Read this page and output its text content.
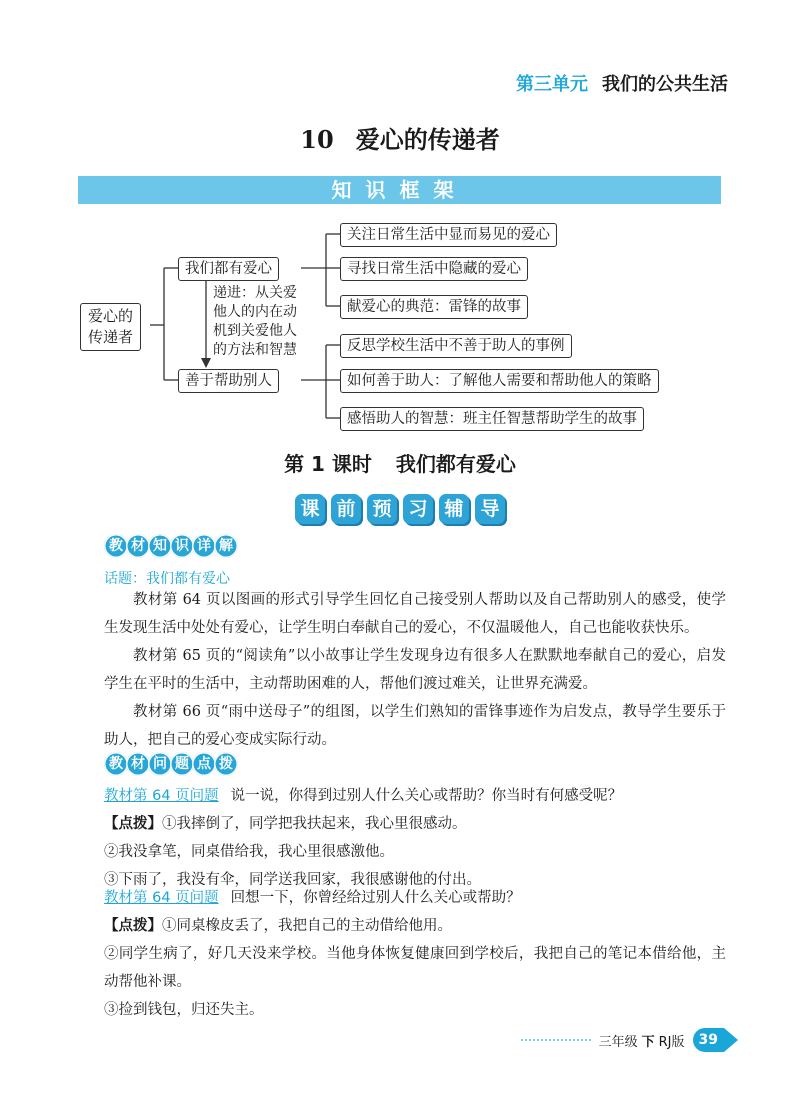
第三单元 我们的公共生活
10 爱心的传递者
知识框架
爱心的
传递者
我们都有爱心
善于帮助别人
递进：从关爱
他人的内在动
机到关爱他人
的方法和智慧
关注日常生活中显而易见的爱心
寻找日常生活中隐藏的爱心
献爱心的典范：雷锋的故事
反思学校生活中不善于助人的事例
如何善于助人：了解他人需要和帮助他人的策略
感悟助人的智慧：班主任智慧帮助学生的故事
第 1 课时 我们都有爱心
课 前 预 习 辅 导
教 材 知 识 详 解
话题：我们都有爱心
教材第 64 页以图画的形式引导学生回忆自己接受别人帮助以及自己帮助别人的感受，使学生发现生活中处处有爱心，让学生明白奉献自己的爱心，不仅温暖他人，自己也能收获快乐。
教材第 65 页的“阅读角”以小故事让学生发现身边有很多人在默默地奉献自己的爱心，启发学生在平时的生活中，主动帮助困难的人，帮他们渡过难关，让世界充满爱。
教材第 66 页“雨中送母子”的组图，以学生们熟知的雷锋事迹作为启发点，教导学生要乐于助人，把自己的爱心变成实际行动。
教 材 问 题 点 拨
教材第 64 页问题 说一说，你得到过别人什么关心或帮助？你当时有何感受呢？
【点拨】①我摔倒了，同学把我扶起来，我心里很感动。
②我没拿笔，同桌借给我，我心里很感激他。
③下雨了，我没有伞，同学送我回家，我很感谢他的付出。
教材第 64 页问题 回想一下，你曾经给过别人什么关心或帮助？
【点拨】①同桌橡皮丢了，我把自己的主动借给他用。
②同学生病了，好几天没来学校。当他身体恢复健康回到学校后，我把自己的笔记本借给他，主动帮他补课。
③捡到钱包，归还失主。
三年级 下 RJ版	39
